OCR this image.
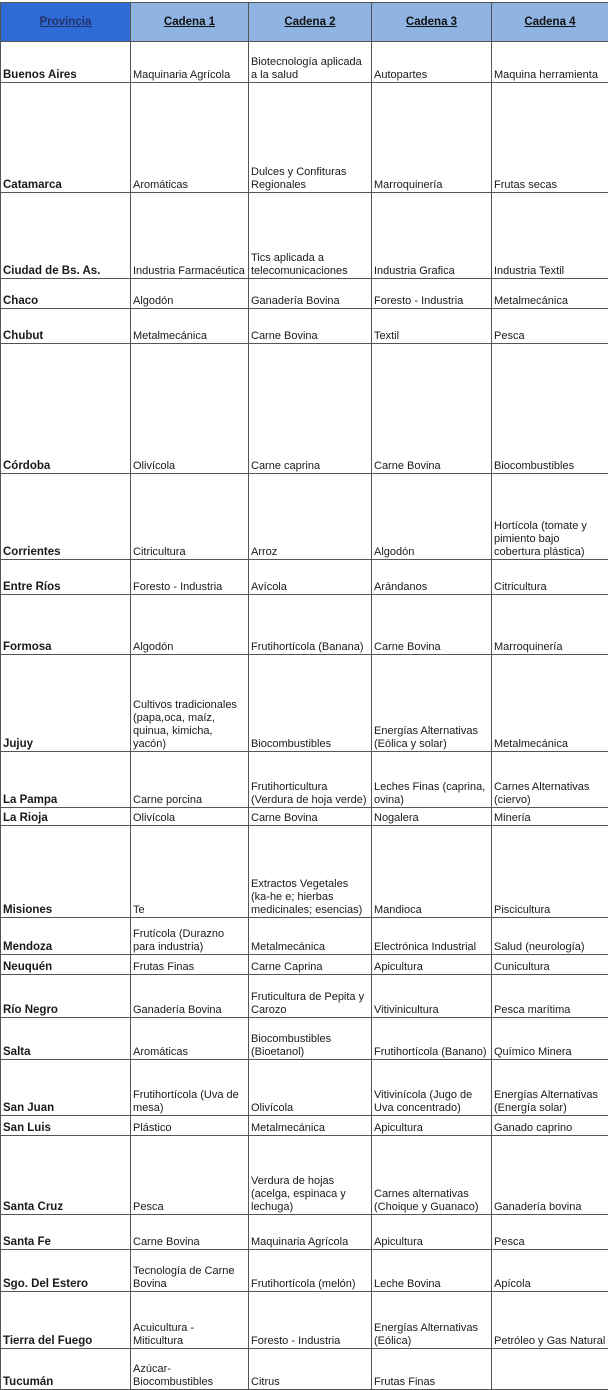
Provincia	Cadena 1	Cadena 2	Cadena 3	Cadena 4
Buenos Aires	Maquinaria Agrícola	Biotecnología aplicada a la salud	Autopartes	Maquina herramienta
Catamarca	Aromáticas	Dulces y Confituras Regionales	Marroquinería	Frutas secas
Ciudad de Bs. As.	Industria Farmacéutica	Tics aplicada a telecomunicaciones	Industria Grafica	Industria Textil
Chaco	Algodón	Ganadería Bovina	Foresto - Industria	Metalmecánica
Chubut	Metalmecánica	Carne Bovina	Textil	Pesca
Córdoba	Olivícola	Carne caprina	Carne Bovina	Biocombustibles
Corrientes	Citricultura	Arroz	Algodón	Hortícola (tomate y pimiento bajo cobertura plástica)
Entre Ríos	Foresto - Industria	Avícola	Arándanos	Citricultura
Formosa	Algodón	Frutihortícola (Banana)	Carne Bovina	Marroquinería
Jujuy	Cultivos tradicionales (papa,oca, maíz, quinua, kimicha, yacón)	Biocombustibles	Energías Alternativas (Eólica y solar)	Metalmecánica
La Pampa	Carne porcina	Frutihorticultura (Verdura de hoja verde)	Leches Finas (caprina, ovina)	Carnes Alternativas (ciervo)
La Rioja	Olivícola	Carne Bovina	Nogalera	Minería
Misiones	Te	Extractos Vegetales (ka-he e; hierbas medicinales; esencias)	Mandioca	Piscicultura
Mendoza	Frutícola (Durazno para industria)	Metalmecánica	Electrónica Industrial	Salud (neurología)
Neuquén	Frutas Finas	Carne Caprina	Apicultura	Cunicultura
Río Negro	Ganadería Bovina	Fruticultura de Pepita y Carozo	Vitivinicultura	Pesca marítima
Salta	Aromáticas	Biocombustibles (Bioetanol)	Frutihortícola (Banano)	Químico Minera
San Juan	Frutihortícola (Uva de mesa)	Olivícola	Vitivinícola (Jugo de Uva concentrado)	Energías Alternativas (Energía solar)
San Luis	Plástico	Metalmecánica	Apicultura	Ganado caprino
Santa Cruz	Pesca	Verdura de hojas (acelga, espinaca y lechuga)	Carnes alternativas (Choique y Guanaco)	Ganadería bovina
Santa Fe	Carne Bovina	Maquinaria Agrícola	Apicultura	Pesca
Sgo. Del Estero	Tecnología de Carne Bovina	Frutihortícola (melón)	Leche Bovina	Apícola
Tierra del Fuego	Acuicultura - Miticultura	Foresto - Industria	Energías Alternativas (Eólica)	Petróleo y Gas Natural
Tucumán	Azúcar- Biocombustibles	Citrus	Frutas Finas	
